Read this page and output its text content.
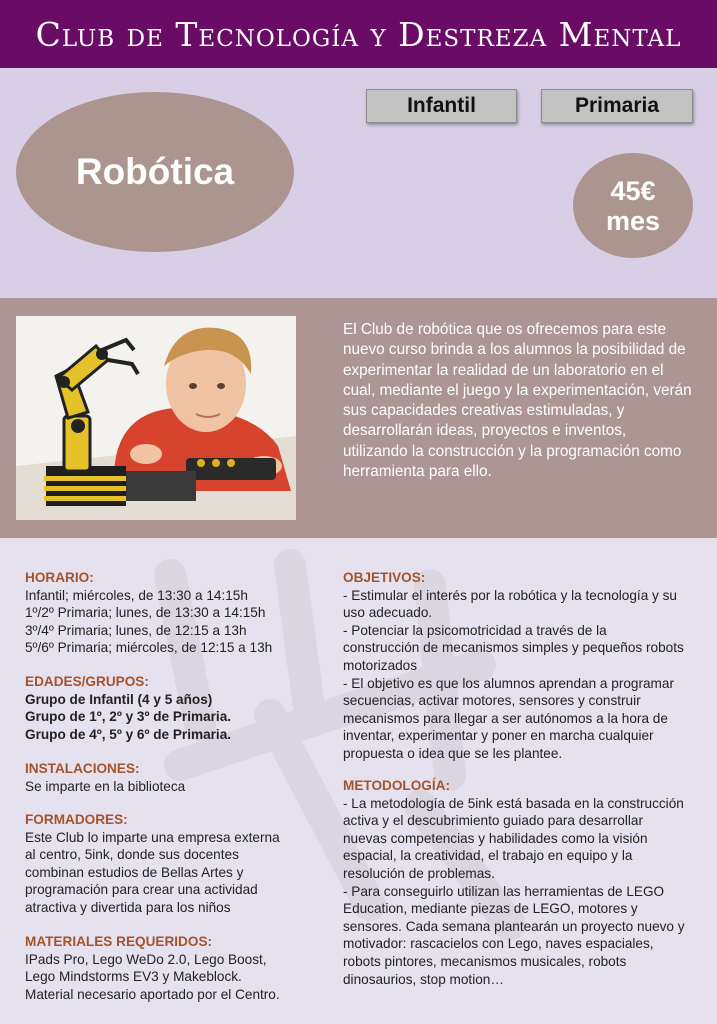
Club de Tecnología y Destreza Mental
Robótica
Infantil	Primaria
45€
mes
El Club de robótica que os ofrecemos para este nuevo curso brinda a los alumnos la posibilidad de experimentar la realidad de un laboratorio en el cual, mediante el juego y la experimentación, verán sus capacidades creativas estimuladas, y desarrollarán ideas, proyectos e inventos, utilizando la construcción y la programación como herramienta para ello.
HORARIO:
Infantil; miércoles, de 13:30 a 14:15h
1º/2º Primaria; lunes, de 13:30 a 14:15h
3º/4º Primaria; lunes, de 12:15 a 13h
5º/6º Primaria; miércoles, de 12:15 a 13h
EDADES/GRUPOS:
Grupo de Infantil (4 y 5 años)
Grupo de 1º, 2º y 3º de Primaria.
Grupo de 4º, 5º y 6º de Primaria.
INSTALACIONES:
Se imparte en la biblioteca
FORMADORES:
Este Club lo imparte una empresa externa
al centro, 5ink, donde sus docentes
combinan estudios de Bellas Artes y
programación para crear una actividad
atractiva y divertida para los niños
MATERIALES REQUERIDOS:
IPads Pro, Lego WeDo 2.0, Lego Boost,
Lego Mindstorms EV3 y Makeblock.
Material necesario aportado por el Centro.
OBJETIVOS:
- Estimular el interés por la robótica y la tecnología y su
uso adecuado.
- Potenciar la psicomotricidad a través de la
construcción de mecanismos simples y pequeños robots
motorizados
- El objetivo es que los alumnos aprendan a programar
secuencias, activar motores, sensores y construir
mecanismos para llegar a ser autónomos a la hora de
inventar, experimentar y poner en marcha cualquier
propuesta o idea que se les plantee.
METODOLOGÍA:
- La metodología de 5ink está basada en la construcción
activa y el descubrimiento guiado para desarrollar
nuevas competencias y habilidades como la visión
espacial, la creatividad, el trabajo en equipo y la
resolución de problemas.
- Para conseguirlo utilizan las herramientas de LEGO
Education, mediante piezas de LEGO, motores y
sensores. Cada semana plantearán un proyecto nuevo y
motivador: rascacielos con Lego, naves espaciales,
robots pintores, mecanismos musicales, robots
dinosaurios, stop motion…
